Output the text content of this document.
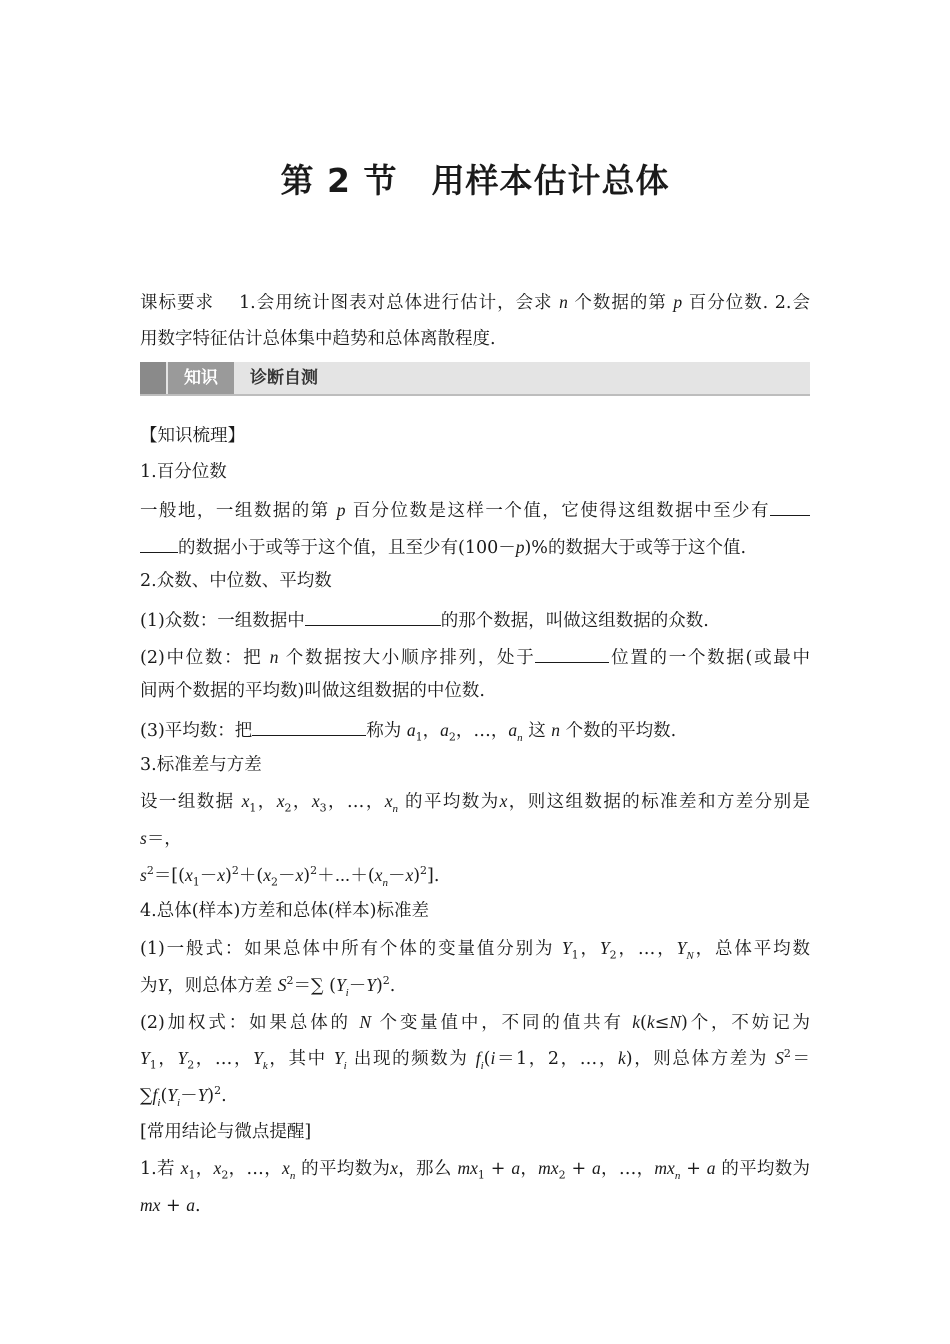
第 2 节　用样本估计总体
课标要求　 1.会用统计图表对总体进行估计，会求 n 个数据的第 p 百分位数. 2.会
用数字特征估计总体集中趋势和总体离散程度.
知识	诊断自测
【知识梳理】
1.百分位数
一般地，一组数据的第 p 百分位数是这样一个值，它使得这组数据中至少有
的数据小于或等于这个值，且至少有(100－p)%的数据大于或等于这个值.
2.众数、中位数、平均数
(1)众数：一组数据中	的那个数据，叫做这组数据的众数.
(2)中位数：把 n 个数据按大小顺序排列，处于	位置的一个数据(或最中
间两个数据的平均数)叫做这组数据的中位数.
(3)平均数：把	称为 $a_1$，$a_2$，…，$a_n$ 这 n 个数的平均数.
3.标准差与方差
设一组数据 $x_1$，$x_2$，$x_3$，…，$x_n$ 的平均数为x，则这组数据的标准差和方差分别是
s＝，
$s^2=[(x_1-x)^2+(x_2-x)^2+\cdots+(x_n-x)^2]$.
4.总体(样本)方差和总体(样本)标准差
(1)一般式：如果总体中所有个体的变量值分别为 $Y_1$，$Y_2$，…，$Y_N$，总体平均数
为Y，则总体方差 $S^2=\sum$ $(Y_i-Y)^2$.
(2)加权式：如果总体的 N 个变量值中，不同的值共有 k(k≤N)个，不妨记为
$Y_1$，$Y_2$，…，$Y_k$，其中 $Y_i$ 出现的频数为 $f_i(i=1$，2，…，k)，则总体方差为 $S^2=$
$\sum f_i(Y_i-Y)^2$.
[常用结论与微点提醒]
1.若 $x_1$，$x_2$，…，$x_n$ 的平均数为x，那么 $mx_1 + a$，$mx_2 + a$，…，$mx_n + a$ 的平均数为
mx + a.
